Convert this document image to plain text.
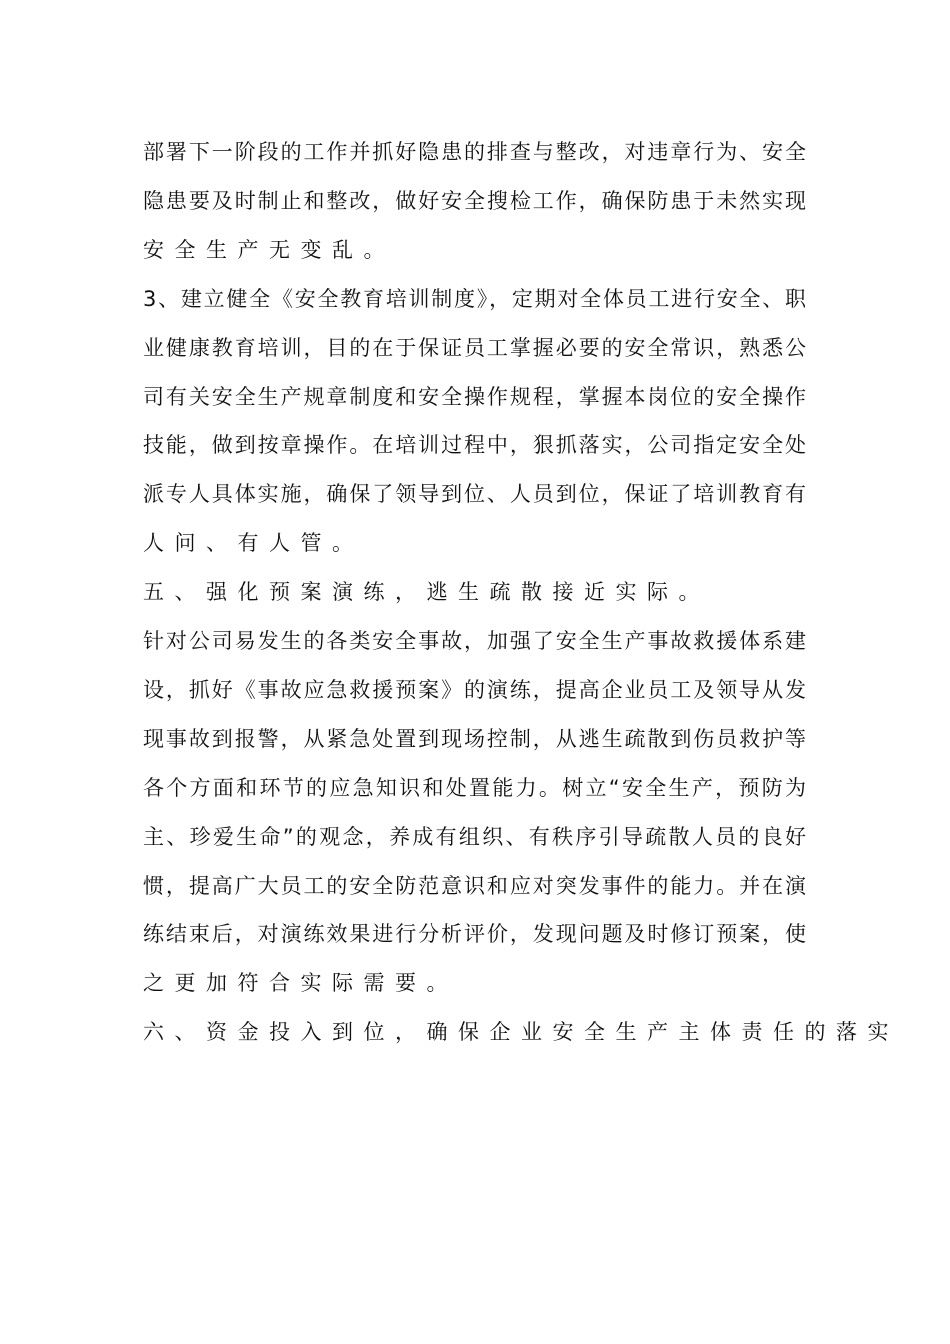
部署下一阶段的工作并抓好隐患的排查与整改，对违章行为、安全
隐患要及时制止和整改，做好安全搜检工作，确保防患于未然实现
安全生产无变乱。
3、建立健全《安全教育培训制度》，定期对全体员工进行安全、职
业健康教育培训，目的在于保证员工掌握必要的安全常识，熟悉公
司有关安全生产规章制度和安全操作规程，掌握本岗位的安全操作
技能，做到按章操作。在培训过程中，狠抓落实，公司指定安全处
派专人具体实施，确保了领导到位、人员到位，保证了培训教育有
人问、有人管。
五、强化预案演练，逃生疏散接近实际。
针对公司易发生的各类安全事故，加强了安全生产事故救援体系建
设，抓好《事故应急救援预案》的演练，提高企业员工及领导从发
现事故到报警，从紧急处置到现场控制，从逃生疏散到伤员救护等
各个方面和环节的应急知识和处置能力。树立“安全生产，预防为
主、珍爱生命”的观念，养成有组织、有秩序引导疏散人员的良好
惯，提高广大员工的安全防范意识和应对突发事件的能力。并在演
练结束后，对演练效果进行分析评价，发现问题及时修订预案，使
之更加符合实际需要。
六、资金投入到位，确保企业安全生产主体责任的落实
